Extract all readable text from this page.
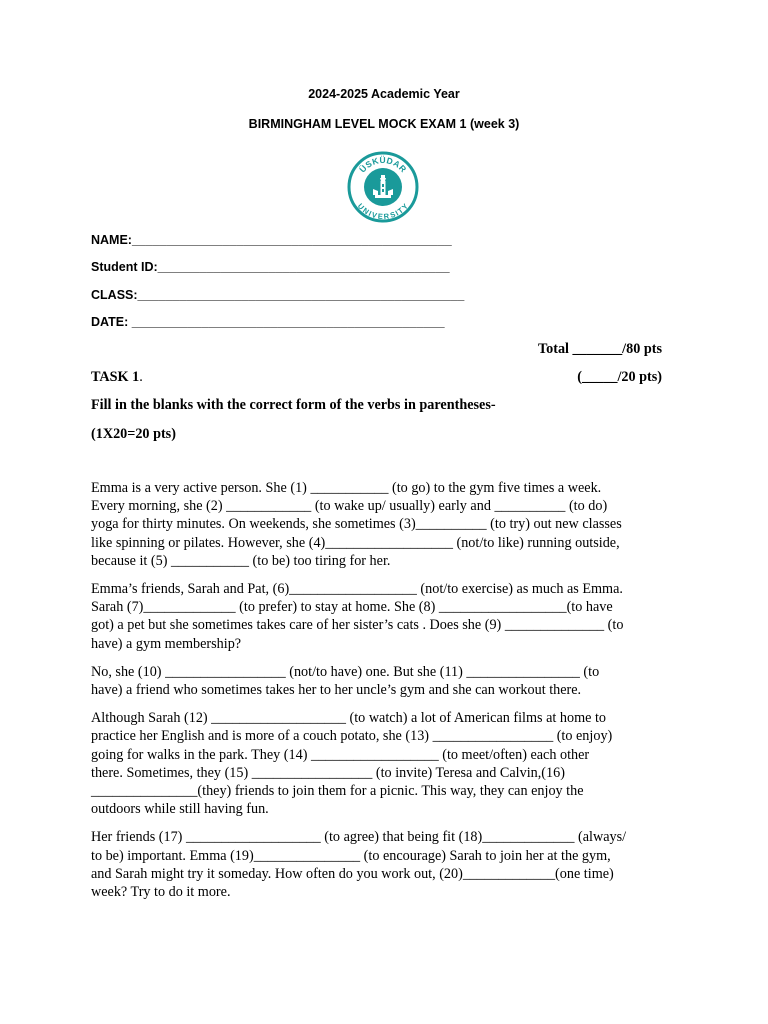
2024-2025 Academic Year
BIRMINGHAM LEVEL MOCK EXAM 1 (week 3)
ÜSKÜDAR
UNIVERSITY
NAME:______________________________________________
Student ID:__________________________________________
CLASS:_______________________________________________
DATE: _____________________________________________
Total _______/80 pts
TASK 1.	(_____/20 pts)
Fill in the blanks with the correct form of the verbs in parentheses-
(1X20=20 pts)

Emma is a very active person. She (1) ___________ (to go) to the gym five times a week.
Every morning, she (2) ____________ (to wake up/ usually) early and __________ (to do)
yoga for thirty minutes. On weekends, she sometimes (3)__________ (to try) out new classes
like spinning or pilates. However, she (4)__________________ (not/to like) running outside,
because it (5) ___________ (to be) too tiring for her.

Emma’s friends, Sarah and Pat, (6)__________________ (not/to exercise) as much as Emma.
Sarah (7)_____________ (to prefer) to stay at home. She (8) __________________(to have
got) a pet but she sometimes takes care of her sister’s cats . Does she (9) ______________ (to
have) a gym membership?

No, she (10) _________________ (not/to have) one. But she (11) ________________ (to
have) a friend who sometimes takes her to her uncle’s gym and she can workout there.

Although Sarah (12) ___________________ (to watch) a lot of American films at home to
practice her English and is more of a couch potato, she (13) _________________ (to enjoy)
going for walks in the park. They (14) __________________ (to meet/often) each other
there. Sometimes, they (15) _________________ (to invite) Teresa and Calvin,(16)
_______________(they) friends to join them for a picnic. This way, they can enjoy the
outdoors while still having fun.

Her friends (17) ___________________ (to agree) that being fit (18)_____________ (always/
to be) important. Emma (19)_______________ (to encourage) Sarah to join her at the gym,
and Sarah might try it someday. How often do you work out, (20)_____________(one time)
week? Try to do it more.
